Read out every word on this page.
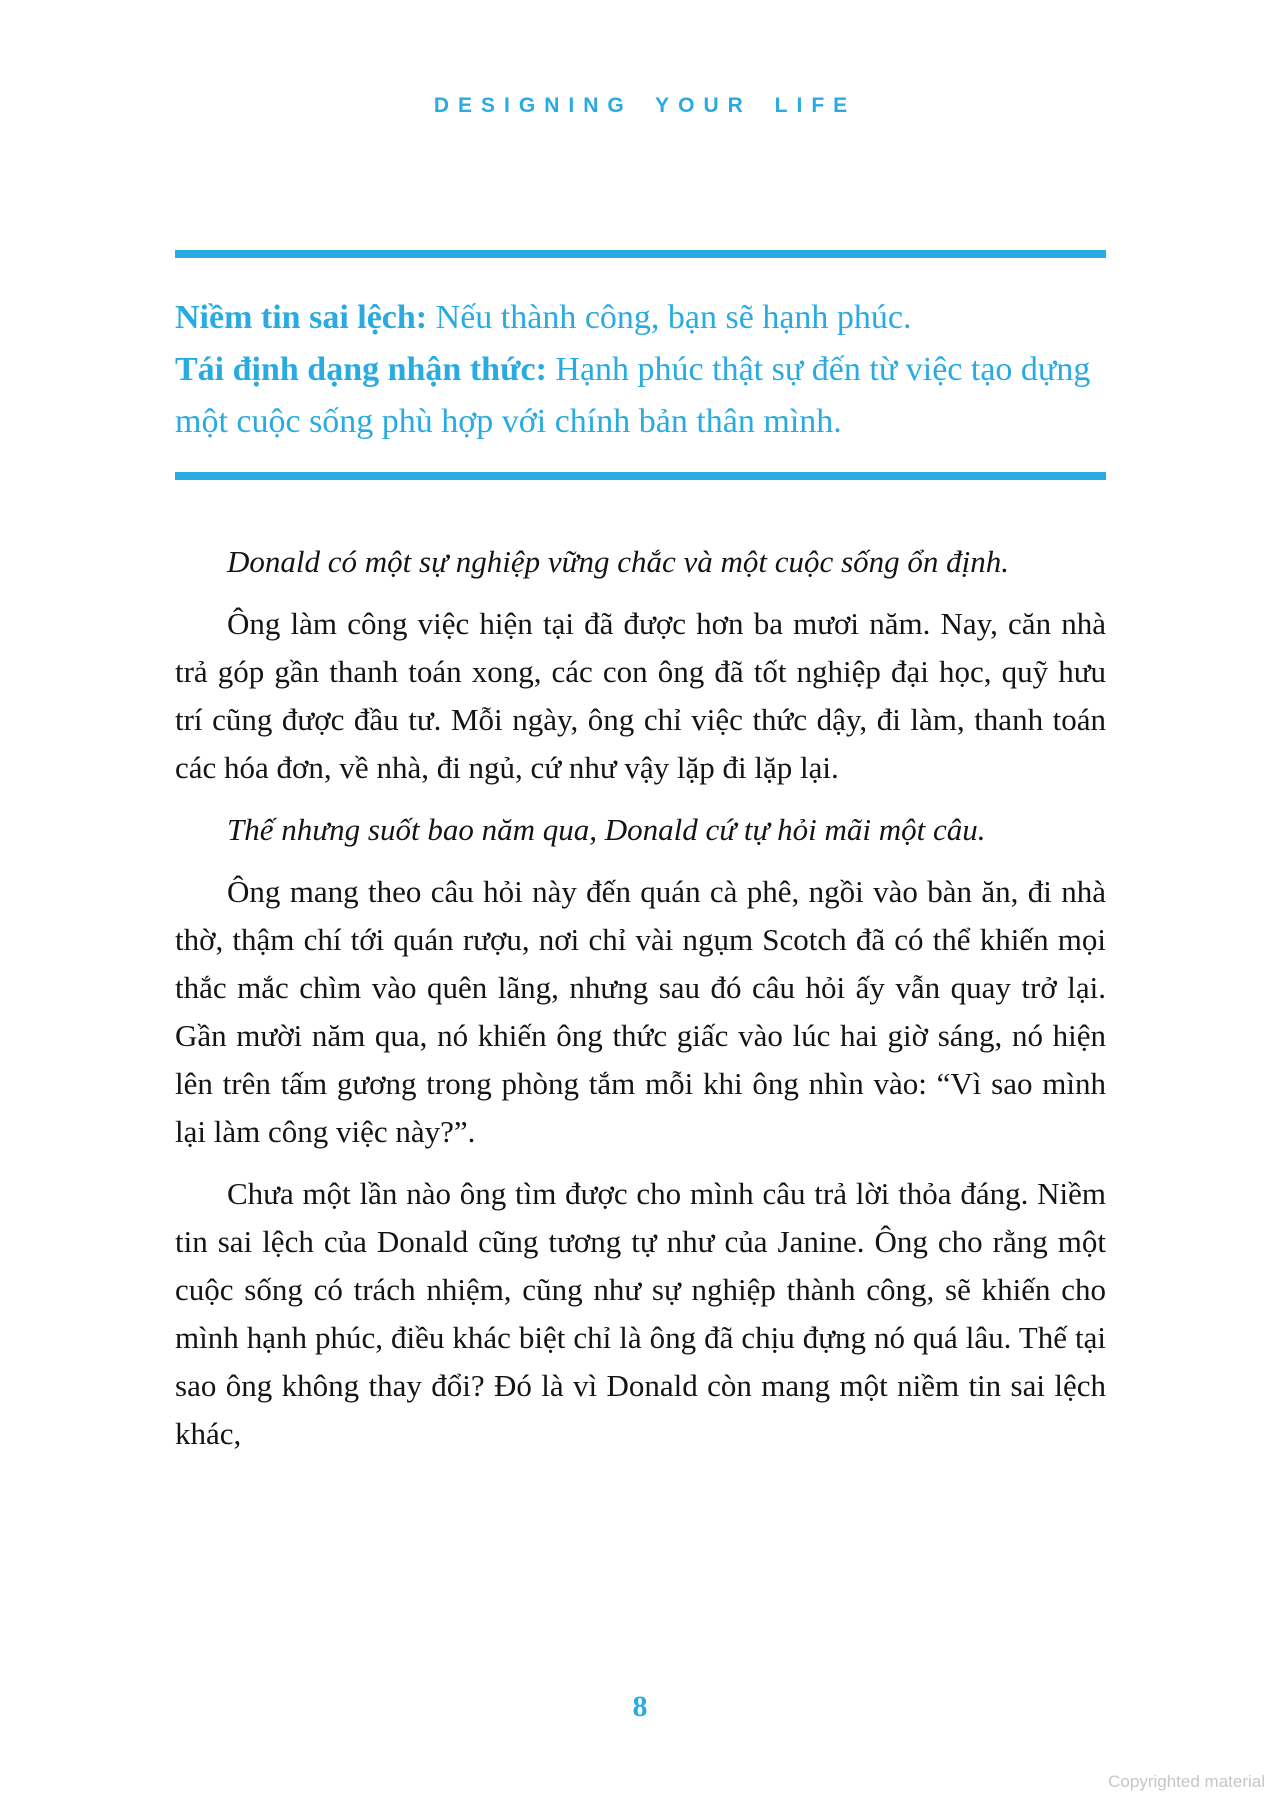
DESIGNING YOUR LIFE

Niềm tin sai lệch: Nếu thành công, bạn sẽ hạnh phúc.

Tái định dạng nhận thức: Hạnh phúc thật sự đến từ việc tạo dựng một cuộc sống phù hợp với chính bản thân mình.

Donald có một sự nghiệp vững chắc và một cuộc sống ổn định.

Ông làm công việc hiện tại đã được hơn ba mươi năm. Nay, căn nhà trả góp gần thanh toán xong, các con ông đã tốt nghiệp đại học, quỹ hưu trí cũng được đầu tư. Mỗi ngày, ông chỉ việc thức dậy, đi làm, thanh toán các hóa đơn, về nhà, đi ngủ, cứ như vậy lặp đi lặp lại.

Thế nhưng suốt bao năm qua, Donald cứ tự hỏi mãi một câu.

Ông mang theo câu hỏi này đến quán cà phê, ngồi vào bàn ăn, đi nhà thờ, thậm chí tới quán rượu, nơi chỉ vài ngụm Scotch đã có thể khiến mọi thắc mắc chìm vào quên lãng, nhưng sau đó câu hỏi ấy vẫn quay trở lại. Gần mười năm qua, nó khiến ông thức giấc vào lúc hai giờ sáng, nó hiện lên trên tấm gương trong phòng tắm mỗi khi ông nhìn vào: “Vì sao mình lại làm công việc này?”.

Chưa một lần nào ông tìm được cho mình câu trả lời thỏa đáng. Niềm tin sai lệch của Donald cũng tương tự như của Janine. Ông cho rằng một cuộc sống có trách nhiệm, cũng như sự nghiệp thành công, sẽ khiến cho mình hạnh phúc, điều khác biệt chỉ là ông đã chịu đựng nó quá lâu. Thế tại sao ông không thay đổi? Đó là vì Donald còn mang một niềm tin sai lệch khác,

8
Copyrighted material
